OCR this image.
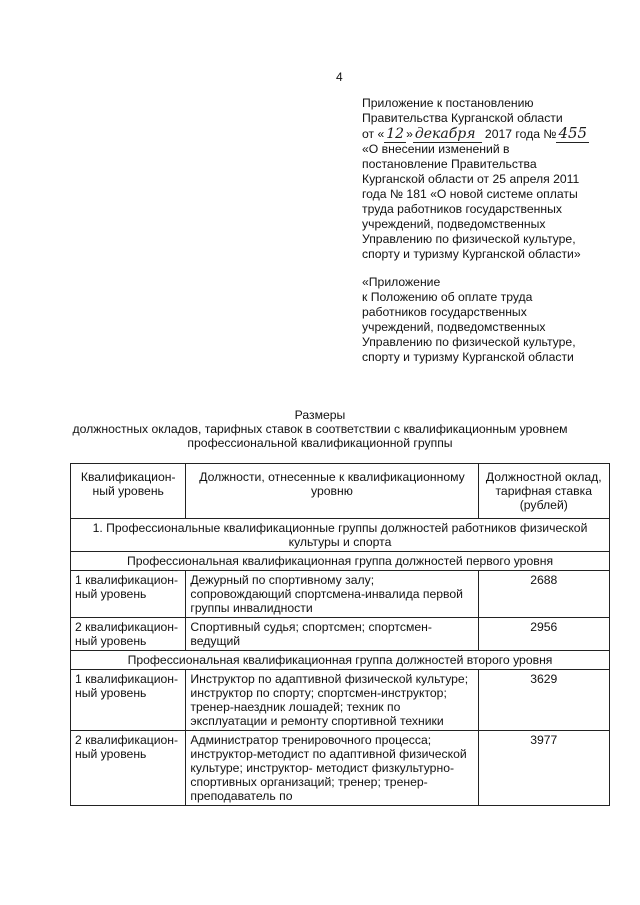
4

Приложение к постановлению

Правительства Курганской области

от « 12 » декабря 2017 года № 455

«О внесении изменений в

постановление Правительства

Курганской области от 25 апреля 2011

года № 181 «О новой системе оплаты

труда работников государственных

учреждений, подведомственных

Управлению по физической культуре,

спорту и туризму Курганской области»

«Приложение

к Положению об оплате труда

работников государственных

учреждений, подведомственных

Управлению по физической культуре,

спорту и туризму Курганской области

Размеры
должностных окладов, тарифных ставок в соответствии с квалификационным уровнем
профессиональной квалификационной группы
Квалификацион-ный уровень	Должности, отнесенные к квалификационному уровню	Должностной оклад, тарифная ставка (рублей)
1. Профессиональные квалификационные группы должностей работников физической культуры и спорта		
Профессиональная квалификационная группа должностей первого уровня		
1 квалификацион-ный уровень	Дежурный по спортивному залу; сопровождающий спортсмена-инвалида первой группы инвалидности	2688
2 квалификацион-ный уровень	Спортивный судья; спортсмен; спортсмен-ведущий	2956
Профессиональная квалификационная группа должностей второго уровня		
1 квалификацион-ный уровень	Инструктор по адаптивной физической культуре; инструктор по спорту; спортсмен-инструктор; тренер-наездник лошадей; техник по эксплуатации и ремонту спортивной техники	3629
2 квалификацион-ный уровень	Администратор тренировочного процесса; инструктор-методист по адаптивной физической культуре; инструктор- методист физкультурно-спортивных организаций; тренер; тренер- преподаватель по	3977
